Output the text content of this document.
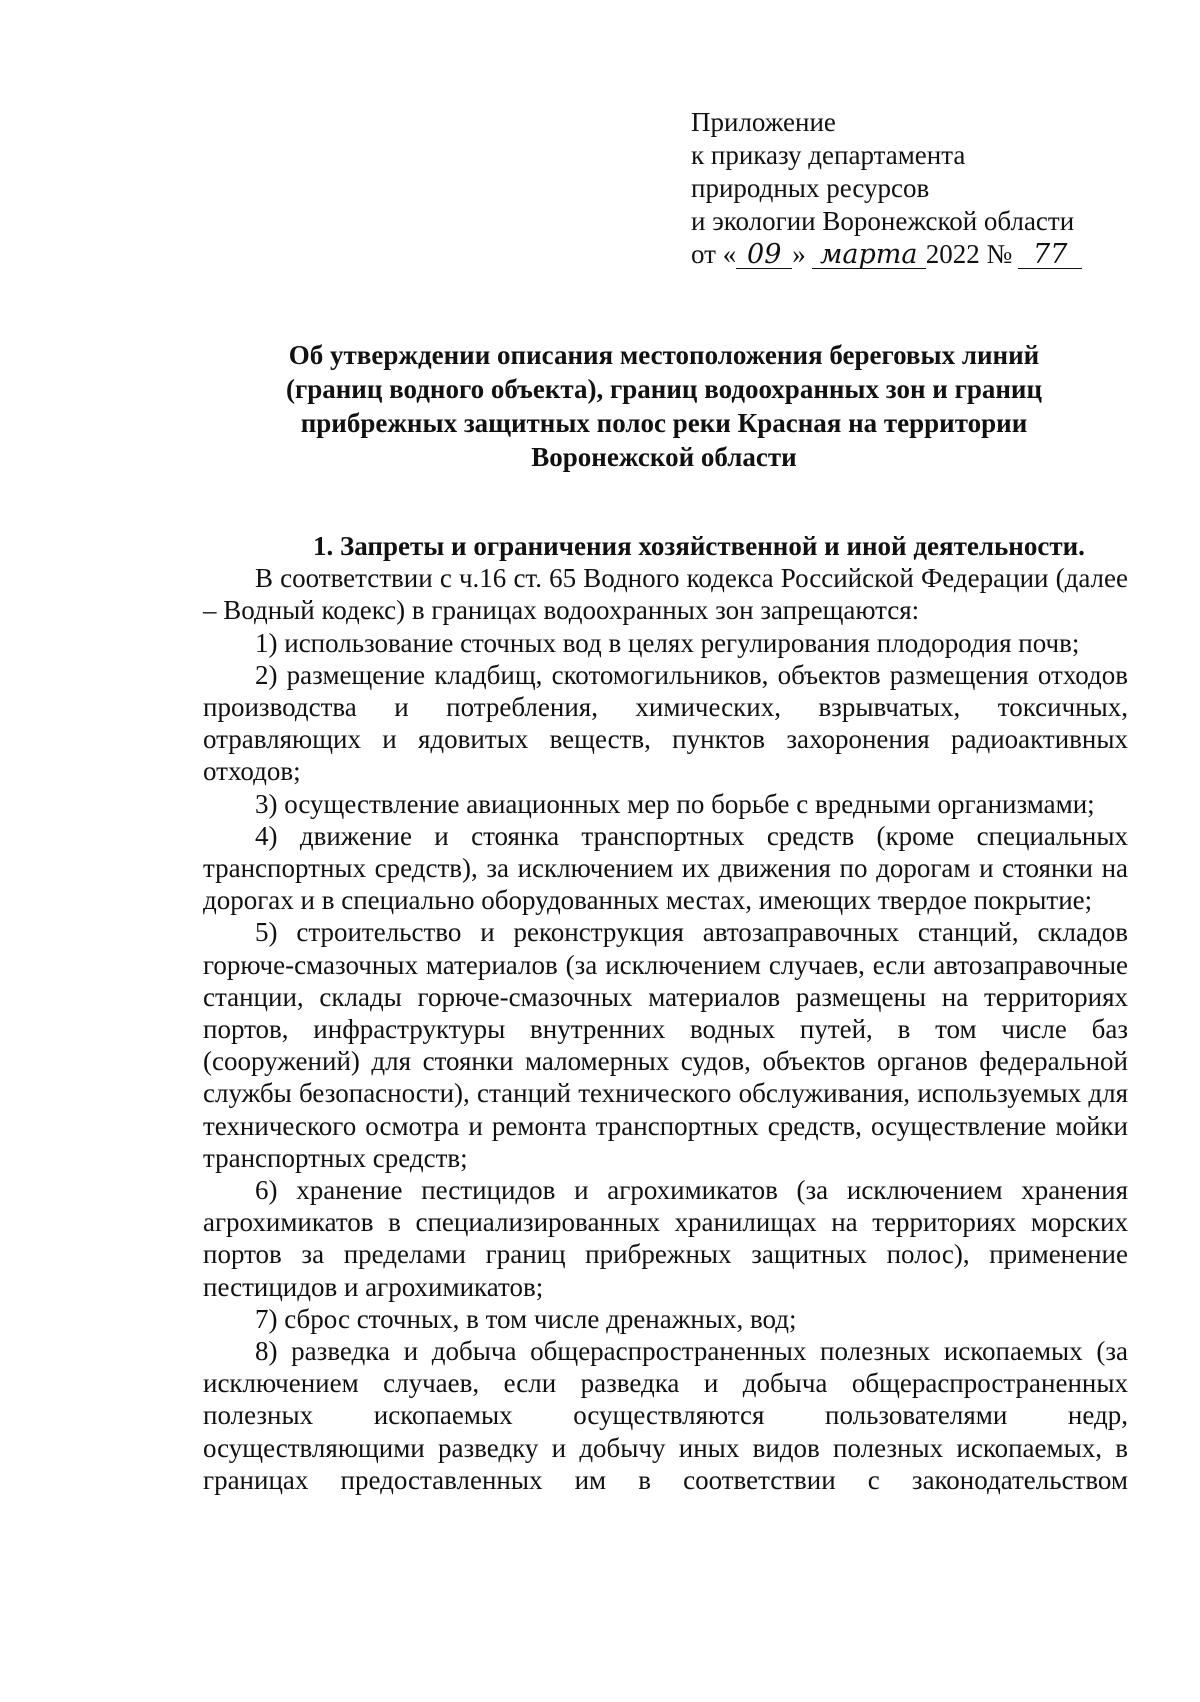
Приложение
к приказу департамента
природных ресурсов
и экологии Воронежской области
от « 09 » марта 2022 № 77
Об утверждении описания местоположения береговых линий
(границ водного объекта), границ водоохранных зон и границ
прибрежных защитных полос реки Красная на территории
Воронежской области
1. Запреты и ограничения хозяйственной и иной деятельности.

В соответствии с ч.16 ст. 65 Водного кодекса Российской Федерации (далее – Водный кодекс) в границах водоохранных зон запрещаются:

1) использование сточных вод в целях регулирования плодородия почв;

2) размещение кладбищ, скотомогильников, объектов размещения отходов производства и потребления, химических, взрывчатых, токсичных, отравляющих и ядовитых веществ, пунктов захоронения радиоактивных отходов;

3) осуществление авиационных мер по борьбе с вредными организмами;

4) движение и стоянка транспортных средств (кроме специальных транспортных средств), за исключением их движения по дорогам и стоянки на дорогах и в специально оборудованных местах, имеющих твердое покрытие;

5) строительство и реконструкция автозаправочных станций, складов горюче-смазочных материалов (за исключением случаев, если автозаправочные станции, склады горюче-смазочных материалов размещены на территориях портов, инфраструктуры внутренних водных путей, в том числе баз (сооружений) для стоянки маломерных судов, объектов органов федеральной службы безопасности), станций технического обслуживания, используемых для технического осмотра и ремонта транспортных средств, осуществление мойки транспортных средств;

6) хранение пестицидов и агрохимикатов (за исключением хранения агрохимикатов в специализированных хранилищах на территориях морских портов за пределами границ прибрежных защитных полос), применение пестицидов и агрохимикатов;

7) сброс сточных, в том числе дренажных, вод;

8) разведка и добыча общераспространенных полезных ископаемых (за исключением случаев, если разведка и добыча общераспространенных полезных ископаемых осуществляются пользователями недр, осуществляющими разведку и добычу иных видов полезных ископаемых, в границах предоставленных им в соответствии с законодательством
